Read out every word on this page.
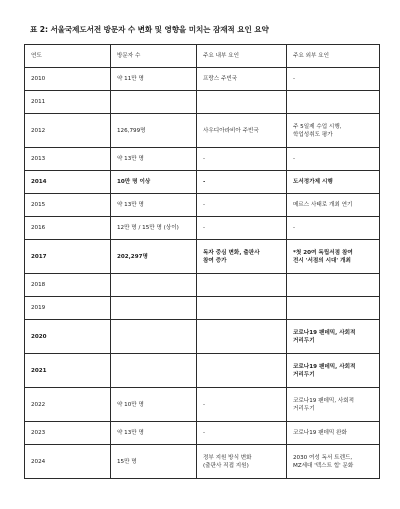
표 2: 서울국제도서전 방문자 수 변화 및 영향을 미치는 잠재적 요인 요약
연도	방문자 수	주요 내부 요인	주요 외부 요인

2010	약 11만 명	프랑스 주빈국	-

2011			

2012	126,799명	사우디아라비아 주빈국	주 5일제 수업 시행,
학업성취도 평가

2013	약 13만 명	-	-

2014	10만 명 이상	-	도서정가제 시행

2015	약 13만 명	-	메르스 사태로 개최 연기

2016	12만 명 / 15만 명 (상이)	-	-

2017	202,297명	독자 중심 변화, 출판사
참여 증가	*첫 20여 독립서점 참여
전시 '서점의 시대' 개최

2018			

2019			

2020			코로나19 팬데믹, 사회적
거리두기

2021			코로나19 팬데믹, 사회적
거리두기

2022	약 10만 명	-	코로나19 팬데믹, 사회적
거리두기

2023	약 13만 명	-	코로나19 팬데믹 완화

2024	15만 명	정부 지원 방식 변화
(출판사 직접 지원)	2030 여성 독서 트렌드,
MZ세대 '텍스트 힙' 문화
